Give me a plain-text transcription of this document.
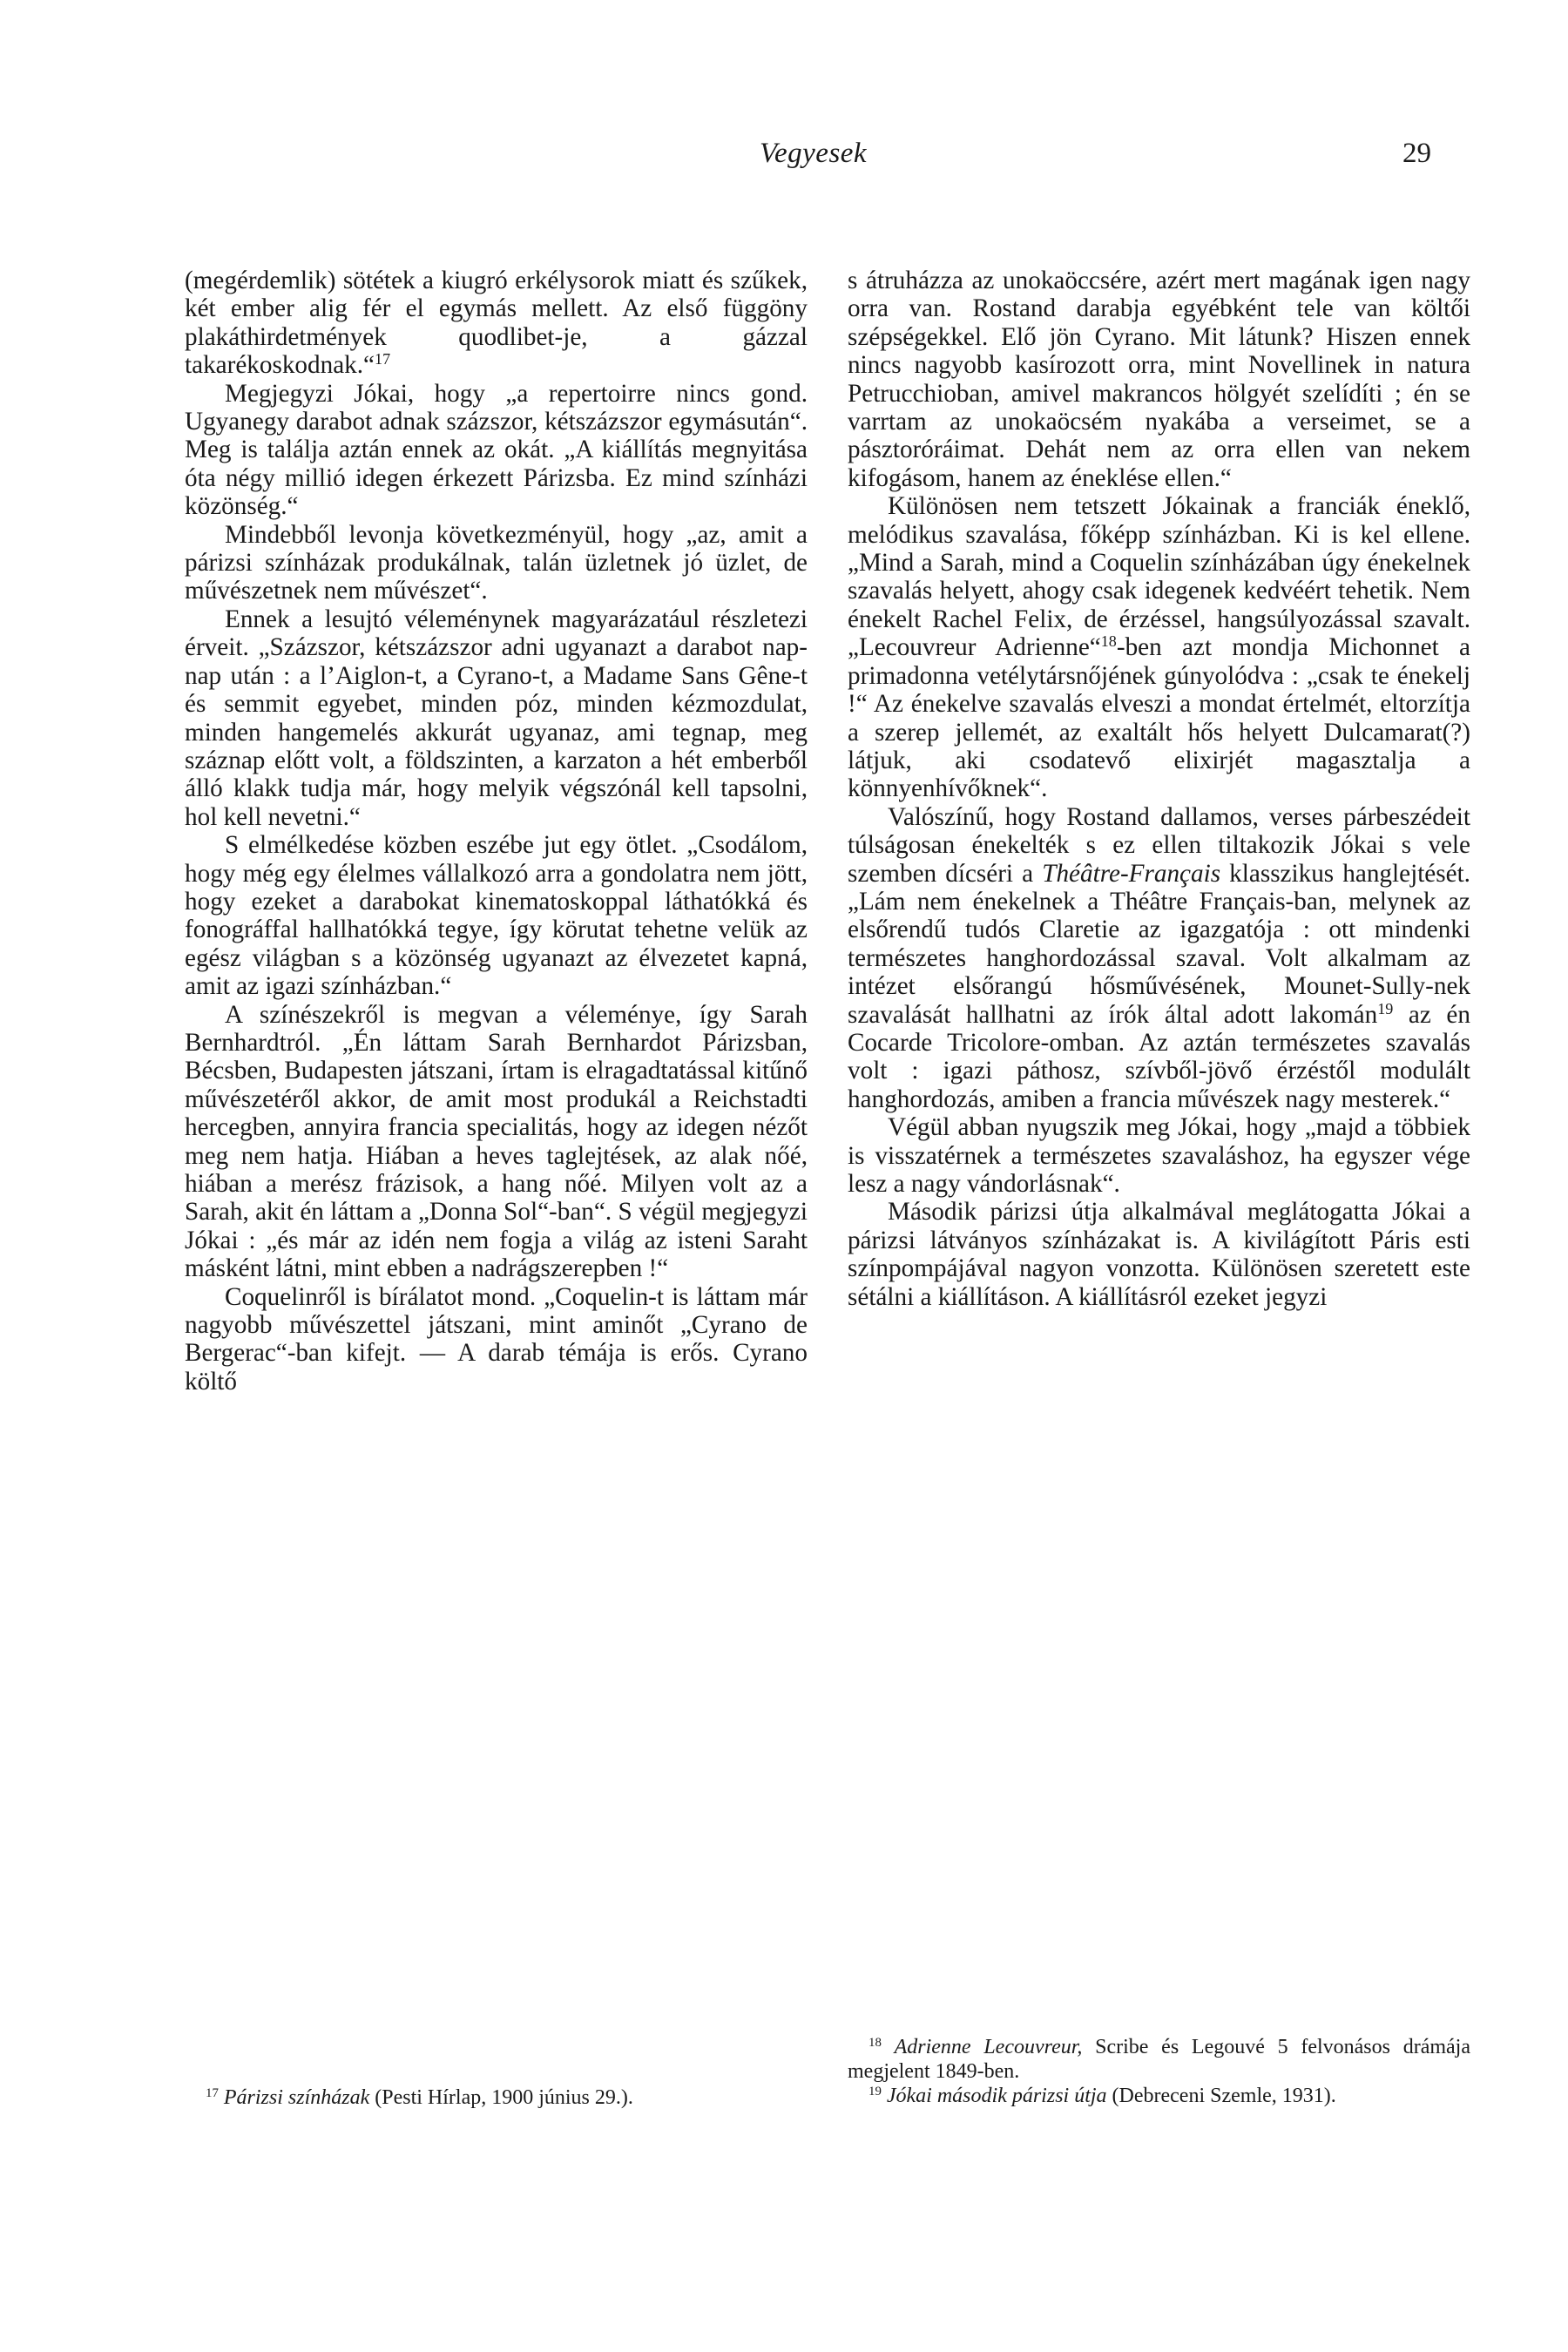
Vegyesek	29

(megérdemlik) sötétek a kiugró erkélysorok miatt és szűkek, két ember alig fér el egymás mellett. Az első függöny plakáthirdetmények quodlibet-je, a gázzal takarékoskodnak.“$^{17}$

Megjegyzi Jókai, hogy „a repertoirre nincs gond. Ugyanegy darabot adnak százszor, kétszázszor egymásután“. Meg is találja aztán ennek az okát. „A kiállítás megnyitása óta négy millió idegen érkezett Párizsba. Ez mind színházi közönség.“

Mindebből levonja következményül, hogy „az, amit a párizsi színházak produkálnak, talán üzletnek jó üzlet, de művészetnek nem művészet“.

Ennek a lesujtó véleménynek magyarázatául részletezi érveit. „Százszor, kétszázszor adni ugyanazt a darabot nap-nap után : a l’Aiglon-t, a Cyrano-t, a Madame Sans Gêne-t és semmit egyebet, minden póz, minden kézmozdulat, minden hangemelés akkurát ugyanaz, ami tegnap, meg száznap előtt volt, a földszinten, a karzaton a hét emberből álló klakk tudja már, hogy melyik végszónál kell tapsolni, hol kell nevetni.“

S elmélkedése közben eszébe jut egy ötlet. „Csodálom, hogy még egy élelmes vállalkozó arra a gondolatra nem jött, hogy ezeket a darabokat kinematoskoppal láthatókká és fonográffal hallhatókká tegye, így körutat tehetne velük az egész világban s a közönség ugyanazt az élvezetet kapná, amit az igazi színházban.“

A színészekről is megvan a véleménye, így Sarah Bernhardtról. „Én láttam Sarah Bernhardot Párizsban, Bécsben, Budapesten játszani, írtam is elragadtatással kitűnő művészetéről akkor, de amit most produkál a Reichstadti hercegben, annyira francia specialitás, hogy az idegen nézőt meg nem hatja. Hiában a heves taglejtések, az alak nőé, hiában a merész frázisok, a hang nőé. Milyen volt az a Sarah, akit én láttam a „Donna Sol“-ban“. S végül megjegyzi Jókai : „és már az idén nem fogja a világ az isteni Saraht másként látni, mint ebben a nadrágszerepben !“

Coquelinről is bírálatot mond. „Coquelin-t is láttam már nagyobb művészettel játszani, mint aminőt „Cyrano de Bergerac“-ban kifejt. — A darab témája is erős. Cyrano költő

s átruházza az unokaöccsére, azért mert magának igen nagy orra van. Rostand darabja egyébként tele van költői szépségekkel. Elő jön Cyrano. Mit látunk? Hiszen ennek nincs nagyobb kasírozott orra, mint Novellinek in natura Petrucchioban, amivel makrancos hölgyét szelídíti ; én se varrtam az unokaöcsém nyakába a verseimet, se a pásztoróráimat. Dehát nem az orra ellen van nekem kifogásom, hanem az éneklése ellen.“

Különösen nem tetszett Jókainak a franciák éneklő, melódikus szavalása, főképp színházban. Ki is kel ellene. „Mind a Sarah, mind a Coquelin színházában úgy énekelnek szavalás helyett, ahogy csak idegenek kedvéért tehetik. Nem énekelt Rachel Felix, de érzéssel, hangsúlyozással szavalt. „Lecouvreur Adrienne“$^{18}$-ben azt mondja Michonnet a primadonna vetélytársnőjének gúnyolódva : „csak te énekelj !“ Az énekelve szavalás elveszi a mondat értelmét, eltorzítja a szerep jellemét, az exaltált hős helyett Dulcamarat(?) látjuk, aki csodatevő elixirjét magasztalja a könnyenhívőknek“.

Valószínű, hogy Rostand dallamos, verses párbeszédeit túlságosan énekelték s ez ellen tiltakozik Jókai s vele szemben dícséri a Théâtre-Français klasszikus hanglejtését. „Lám nem énekelnek a Théâtre Français-ban, melynek az elsőrendű tudós Claretie az igazgatója : ott mindenki természetes hanghordozással szaval. Volt alkalmam az intézet elsőrangú hősművésének, Mounet-Sully-nek szavalását hallhatni az írók által adott lakomán$^{19}$ az én Cocarde Tricolore-omban. Az aztán természetes szavalás volt : igazi páthosz, szívből-jövő érzéstől modulált hanghordozás, amiben a francia művészek nagy mesterek.“

Végül abban nyugszik meg Jókai, hogy „majd a többiek is visszatérnek a természetes szavaláshoz, ha egyszer vége lesz a nagy vándorlásnak“.

Második párizsi útja alkalmával meglátogatta Jókai a párizsi látványos színházakat is. A kivilágított Páris esti színpompájával nagyon vonzotta. Különösen szeretett este sétálni a kiállításon. A kiállításról ezeket jegyzi

$^{17}$ Párizsi színházak (Pesti Hírlap, 1900 június 29.).

$^{18}$ Adrienne Lecouvreur, Scribe és Legouvé 5 felvonásos drámája megjelent 1849-ben.

$^{19}$ Jókai második párizsi útja (Debreceni Szemle, 1931).
